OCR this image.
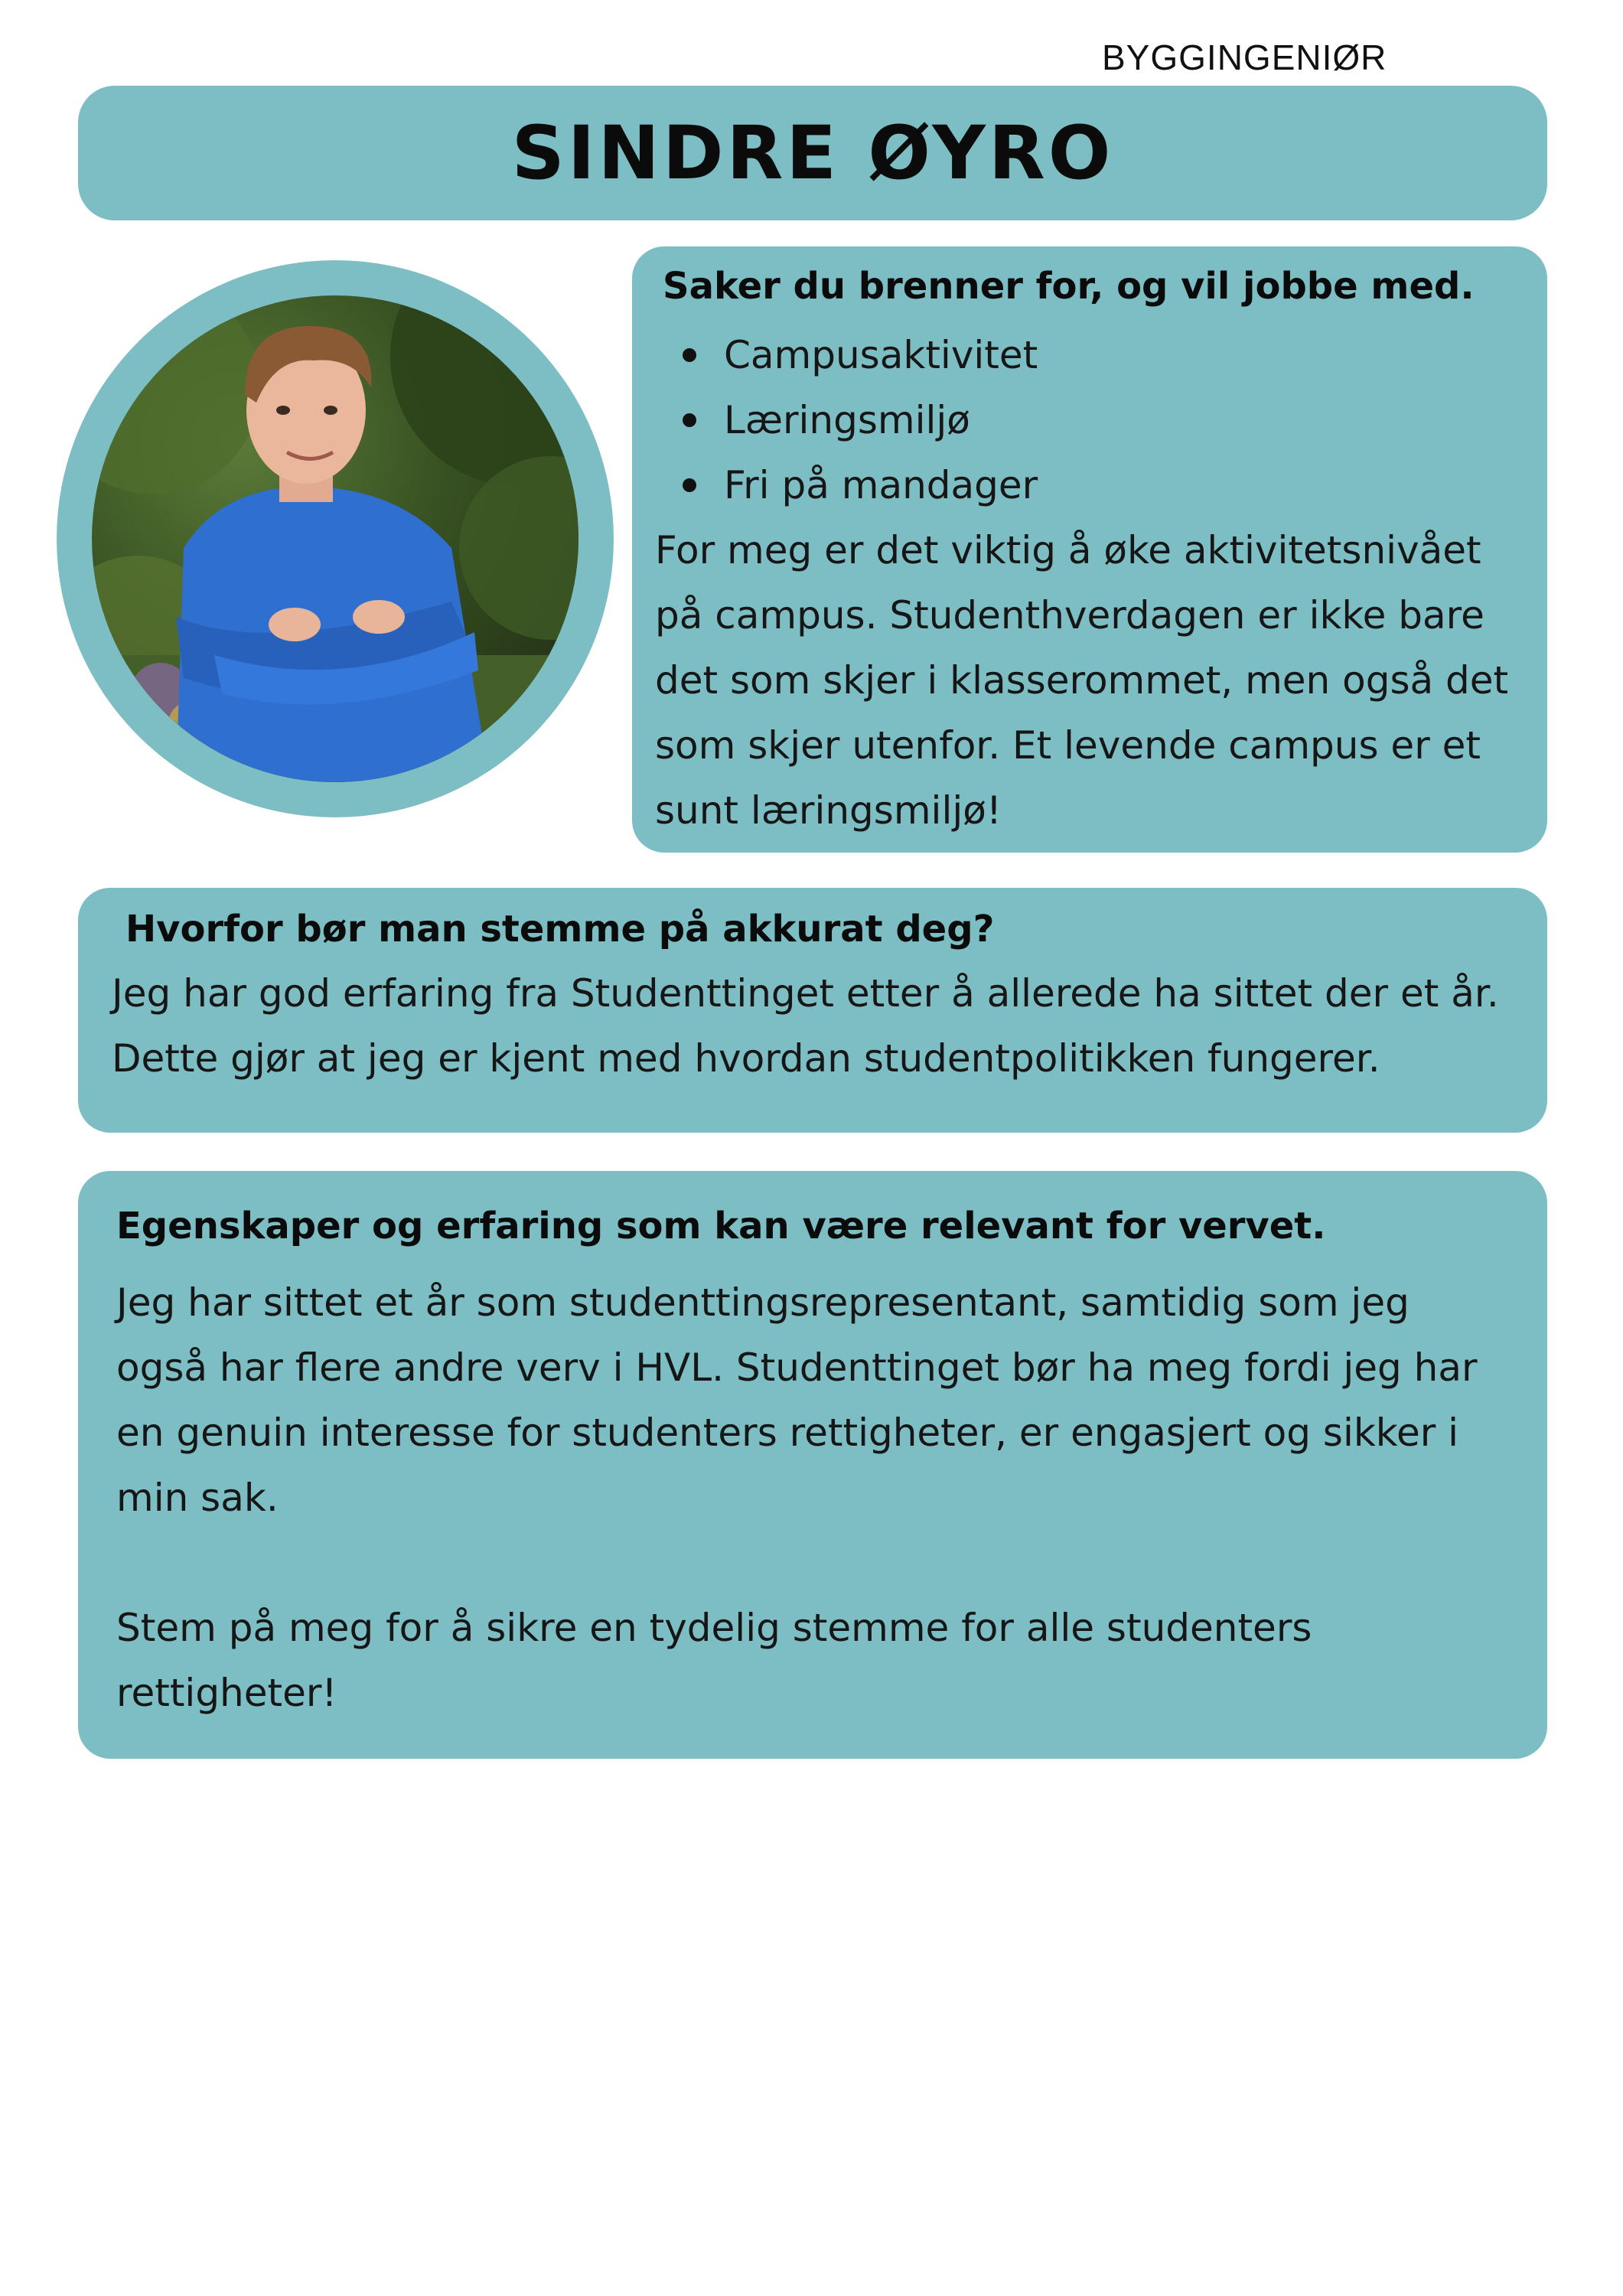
BYGGINGENIØR
SINDRE ØYRO
Saker du brenner for, og vil jobbe med.
Campusaktivitet
Læringsmiljø
Fri på mandager

For meg er det viktig å øke aktivitetsnivået på campus. Studenthverdagen er ikke bare det som skjer i klasserommet, men også det som skjer utenfor. Et levende campus er et sunt læringsmiljø!

Hvorfor bør man stemme på akkurat deg?

Jeg har god erfaring fra Studenttinget etter å allerede ha sittet der et år. Dette gjør at jeg er kjent med hvordan studentpolitikken fungerer.

Egenskaper og erfaring som kan være relevant for vervet.

Jeg har sittet et år som studenttingsrepresentant, samtidig som jeg også har flere andre verv i HVL. Studenttinget bør ha meg fordi jeg har en genuin interesse for studenters rettigheter, er engasjert og sikker i min sak.

Stem på meg for å sikre en tydelig stemme for alle studenters rettigheter!
